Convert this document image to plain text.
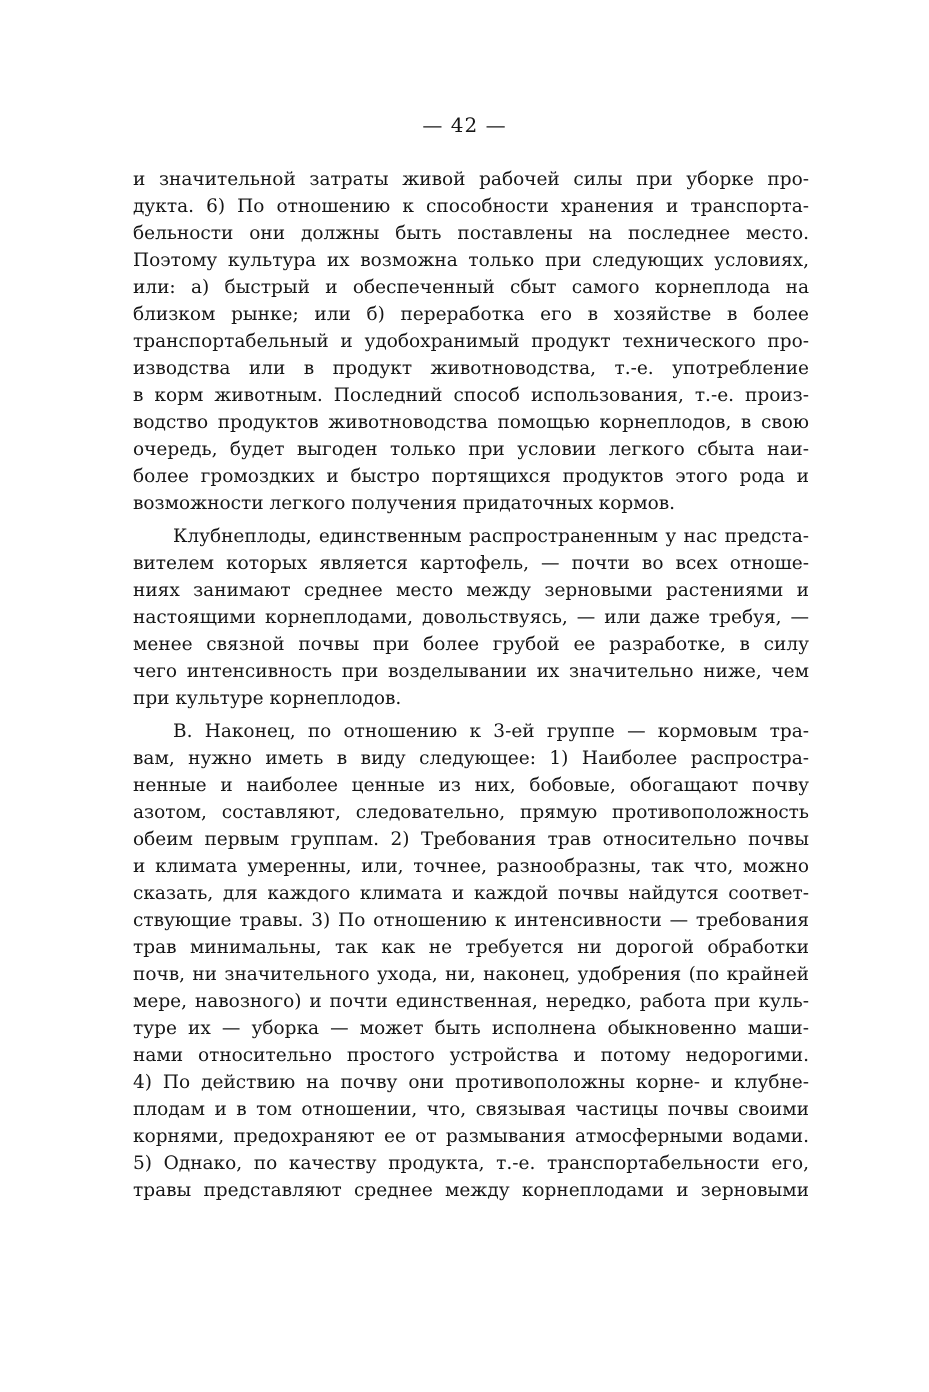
— 42 —
и значительной затраты живой рабочей силы при уборке про-
дукта. 6) По отношению к способности хранения и транспорта-
бельности они должны быть поставлены на последнее место.
Поэтому культура их возможна только при следующих условиях,
или: а) быстрый и обеспеченный сбыт самого корнеплода на
близком рынке; или б) переработка его в хозяйстве в более
транспортабельный и удобохранимый продукт технического про-
изводства или в продукт животноводства, т.-е. употребление
в корм животным. Последний способ использования, т.-е. произ-
водство продуктов животноводства помощью корнеплодов, в свою
очередь, будет выгоден только при условии легкого сбыта наи-
более громоздких и быстро портящихся продуктов этого рода и
возможности легкого получения придаточных кормов.
Клубнеплоды, единственным распространенным у нас предста-
вителем которых является картофель, — почти во всех отноше-
ниях занимают среднее место между зерновыми растениями и
настоящими корнеплодами, довольствуясь, — или даже требуя, —
менее связной почвы при более грубой ее разработке, в силу
чего интенсивность при возделывании их значительно ниже, чем
при культуре корнеплодов.
В. Наконец, по отношению к 3-ей группе — кормовым тра-
вам, нужно иметь в виду следующее: 1) Наиболее распростра-
ненные и наиболее ценные из них, бобовые, обогащают почву
азотом, составляют, следовательно, прямую противоположность
обеим первым группам. 2) Требования трав относительно почвы
и климата умеренны, или, точнее, разнообразны, так что, можно
сказать, для каждого климата и каждой почвы найдутся соответ-
ствующие травы. 3) По отношению к интенсивности — требования
трав минимальны, так как не требуется ни дорогой обработки
почв, ни значительного ухода, ни, наконец, удобрения (по крайней
мере, навозного) и почти единственная, нередко, работа при куль-
туре их — уборка — может быть исполнена обыкновенно маши-
нами относительно простого устройства и потому недорогими.
4) По действию на почву они противоположны корне- и клубне-
плодам и в том отношении, что, связывая частицы почвы своими
корнями, предохраняют ее от размывания атмосферными водами.
5) Однако, по качеству продукта, т.-е. транспортабельности его,
травы представляют среднее между корнеплодами и зерновыми
